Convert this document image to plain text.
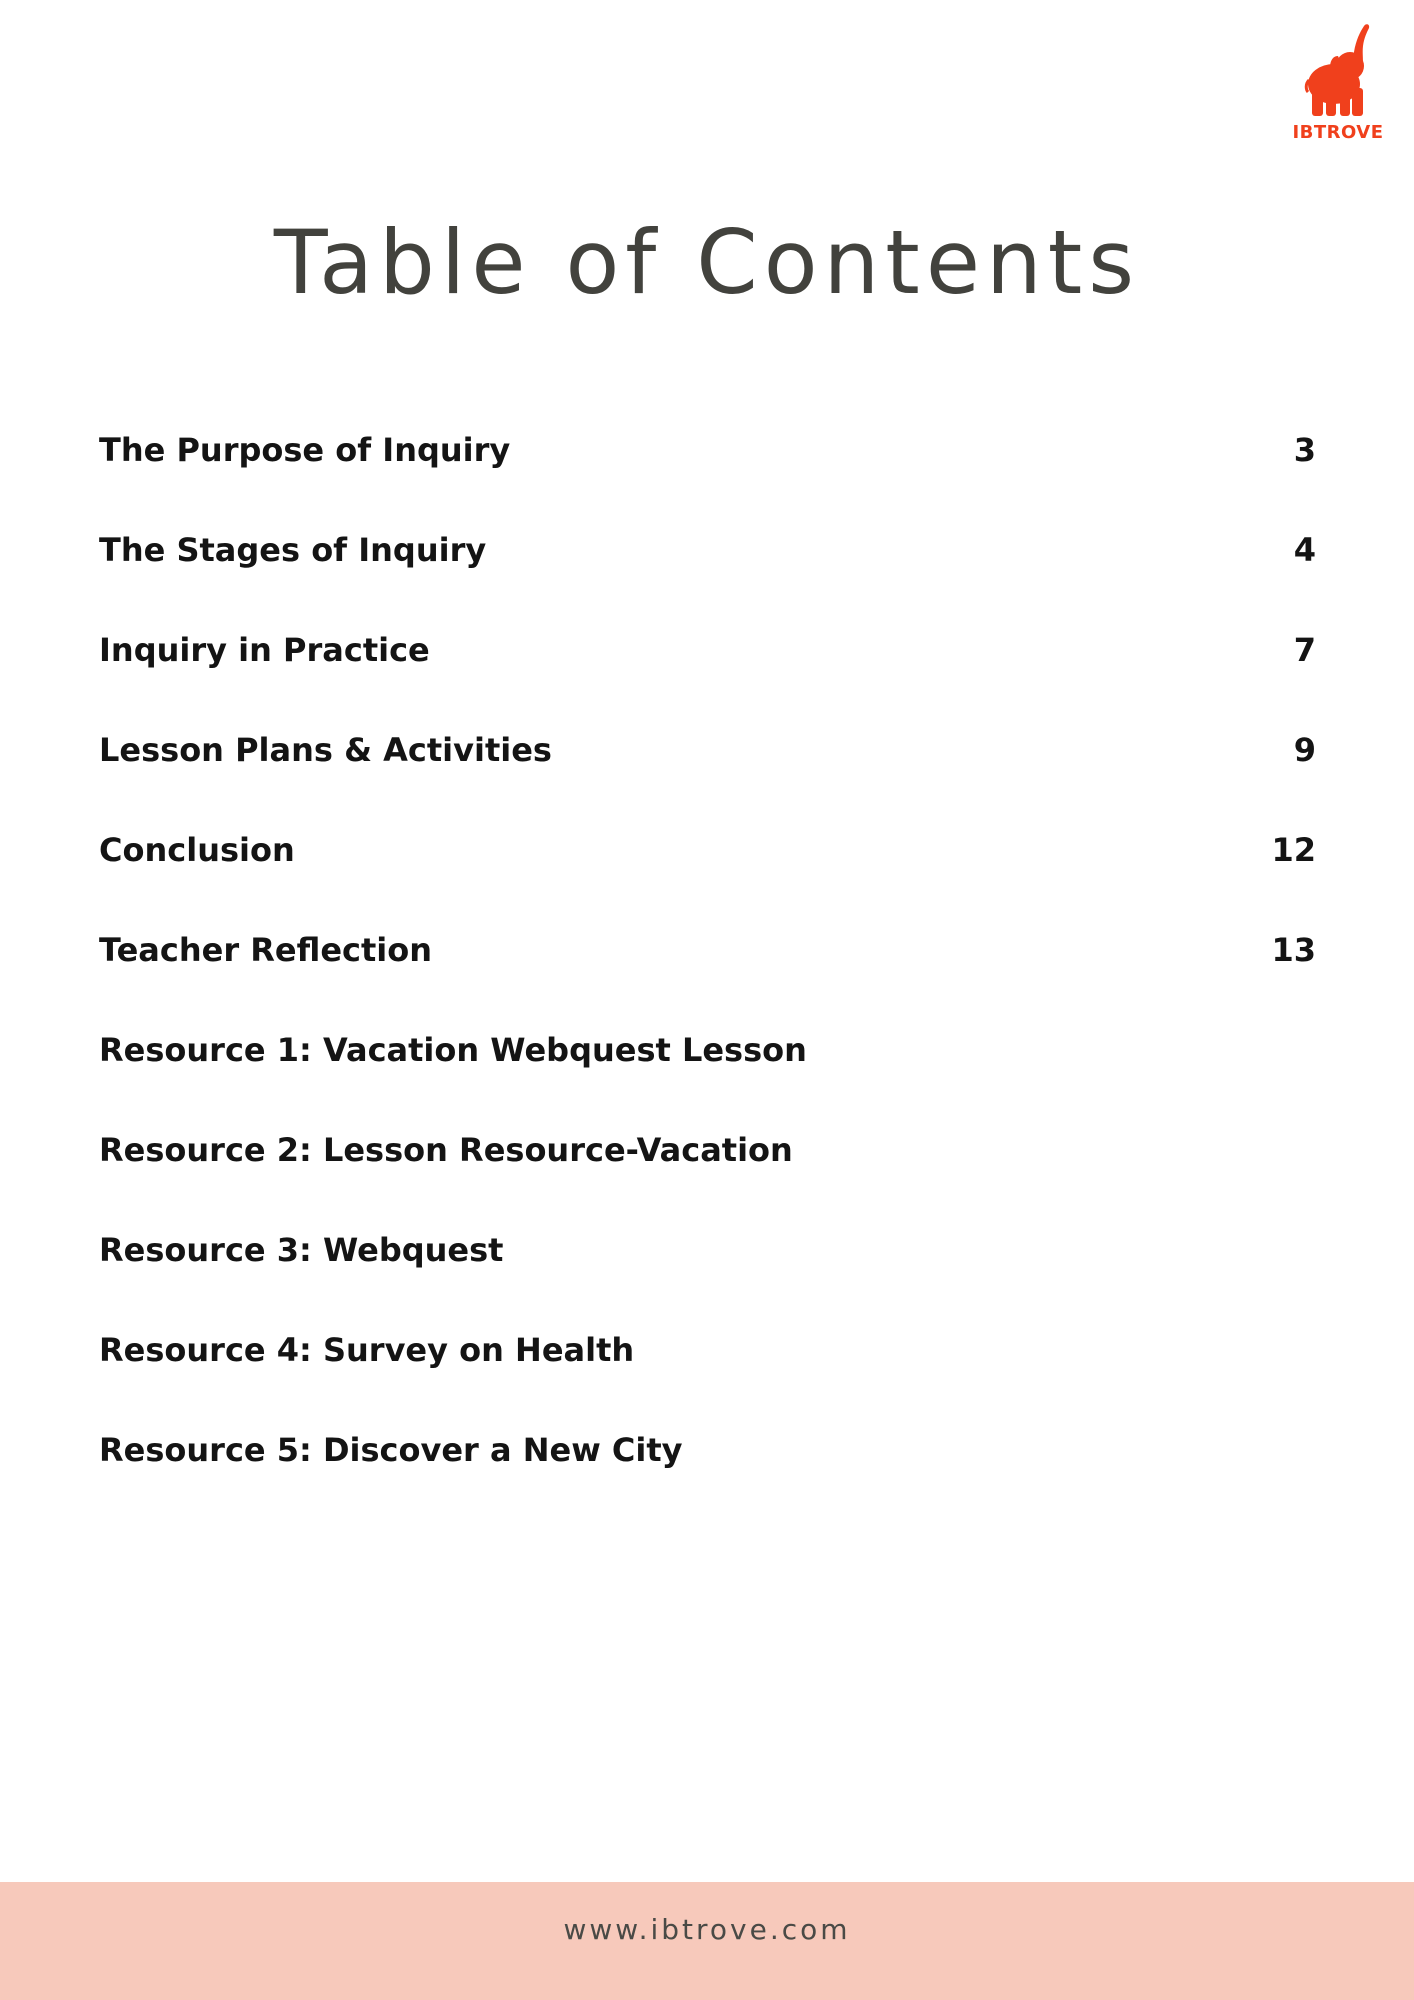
IBTROVE
Table of Contents
The Purpose of Inquiry	3
The Stages of Inquiry	4
Inquiry in Practice	7
Lesson Plans & Activities	9
Conclusion	12
Teacher Reflection	13
Resource 1: Vacation Webquest Lesson
Resource 2: Lesson Resource-Vacation
Resource 3: Webquest
Resource 4: Survey on Health
Resource 5: Discover a New City
www.ibtrove.com
